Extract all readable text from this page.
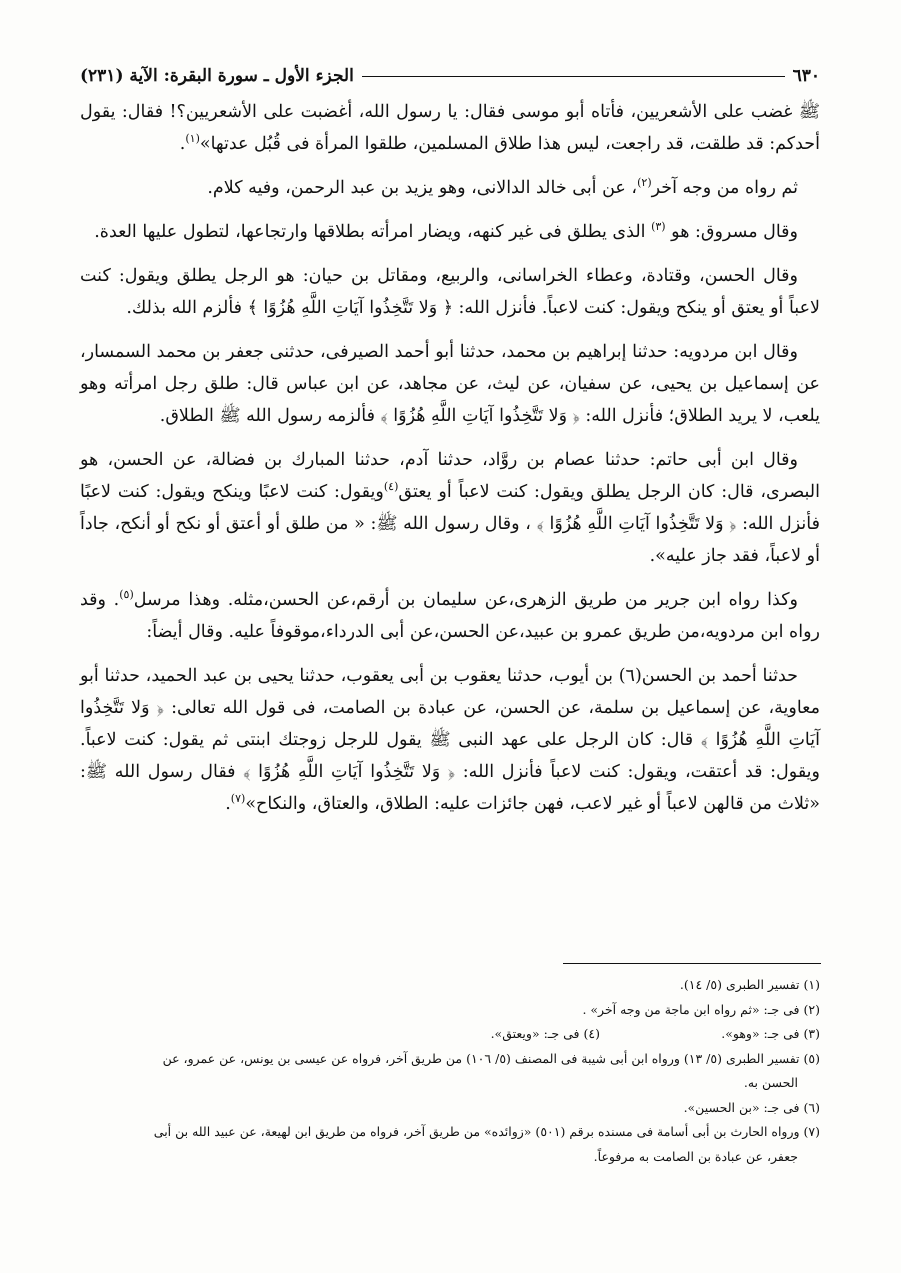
٦٣٠
الجزء الأول ـ سورة البقرة: الآية (٢٣١)

ﷺ غضب على الأشعريين، فأتاه أبو موسى فقال: يا رسول الله، أغضبت على الأشعريين؟! فقال: يقول أحدكم: قد طلقت، قد راجعت، ليس هذا طلاق المسلمين، طلقوا المرأة فى قُبُل عدتها»$^{(١)}$.

ثم رواه من وجه آخر$^{(٢)}$، عن أبى خالد الدالانى، وهو يزيد بن عبد الرحمن، وفيه كلام.

وقال مسروق: هو $^{(٣)}$ الذى يطلق فى غير كنهه، ويضار امرأته بطلاقها وارتجاعها، لتطول عليها العدة.

وقال الحسن، وقتادة، وعطاء الخراسانى، والربيع، ومقاتل بن حيان: هو الرجل يطلق ويقول: كنت لاعباً أو يعتق أو ينكح ويقول: كنت لاعباً. فأنزل الله: ﴿ وَلا تَتَّخِذُوا آيَاتِ اللَّهِ هُزُوًا ﴾ فألزم الله بذلك.

وقال ابن مردويه: حدثنا إبراهيم بن محمد، حدثنا أبو أحمد الصيرفى، حدثنى جعفر بن محمد السمسار، عن إسماعيل بن يحيى، عن سفيان، عن ليث، عن مجاهد، عن ابن عباس قال: طلق رجل امرأته وهو يلعب، لا يريد الطلاق؛ فأنزل الله: ﴿ وَلا تَتَّخِذُوا آيَاتِ اللَّهِ هُزُوًا ﴾ فألزمه رسول الله ﷺ الطلاق.

وقال ابن أبى حاتم: حدثنا عصام بن روَّاد، حدثنا آدم، حدثنا المبارك بن فضالة، عن الحسن، هو البصرى، قال: كان الرجل يطلق ويقول: كنت لاعباً أو يعتق$^{(٤)}$ويقول: كنت لاعبًا وينكح ويقول: كنت لاعبًا فأنزل الله: ﴿ وَلا تَتَّخِذُوا آيَاتِ اللَّهِ هُزُوًا ﴾ ، وقال رسول الله ﷺ: « من طلق أو أعتق أو نكح أو أنكح، جاداً أو لاعباً، فقد جاز عليه».

وكذا رواه ابن جرير من طريق الزهرى،عن سليمان بن أرقم،عن الحسن،مثله. وهذا مرسل$^{(٥)}$. وقد رواه ابن مردويه،من طريق عمرو بن عبيد،عن الحسن،عن أبى الدرداء،موقوفاً عليه. وقال أيضاً:

حدثنا أحمد بن الحسن(٦) بن أيوب، حدثنا يعقوب بن أبى يعقوب، حدثنا يحيى بن عبد الحميد، حدثنا أبو معاوية، عن إسماعيل بن سلمة، عن الحسن، عن عبادة بن الصامت، فى قول الله تعالى: ﴿ وَلا تَتَّخِذُوا آيَاتِ اللَّهِ هُزُوًا ﴾ قال: كان الرجل على عهد النبى ﷺ يقول للرجل زوجتك ابنتى ثم يقول: كنت لاعباً. ويقول: قد أعتقت، ويقول: كنت لاعباً فأنزل الله: ﴿ وَلا تَتَّخِذُوا آيَاتِ اللَّهِ هُزُوًا ﴾ فقال رسول الله ﷺ: «ثلاث من قالهن لاعباً أو غير لاعب، فهن جائزات عليه: الطلاق، والعتاق، والنكاح»$^{(٧)}$.

(١) تفسير الطبرى (٥/ ١٤).

(٢) فى جـ: «ثم رواه ابن ماجة من وجه آخر» .

(٣) فى جـ: «وهو».
(٤) فى جـ: «ويعتق».

(٥) تفسير الطبرى (٥/ ١٣) ورواه ابن أبى شيبة فى المصنف (٥/ ١٠٦) من طريق آخر، فرواه عن عيسى بن يونس، عن عمرو، عن

الحسن به.

(٦) فى جـ: «بن الحسين».

(٧) ورواه الحارث بن أبى أسامة فى مسنده برقم (٥٠١) «زوائده» من طريق آخر، فرواه من طريق ابن لهيعة، عن عبيد الله بن أبى

جعفر، عن عبادة بن الصامت به مرفوعاً.
